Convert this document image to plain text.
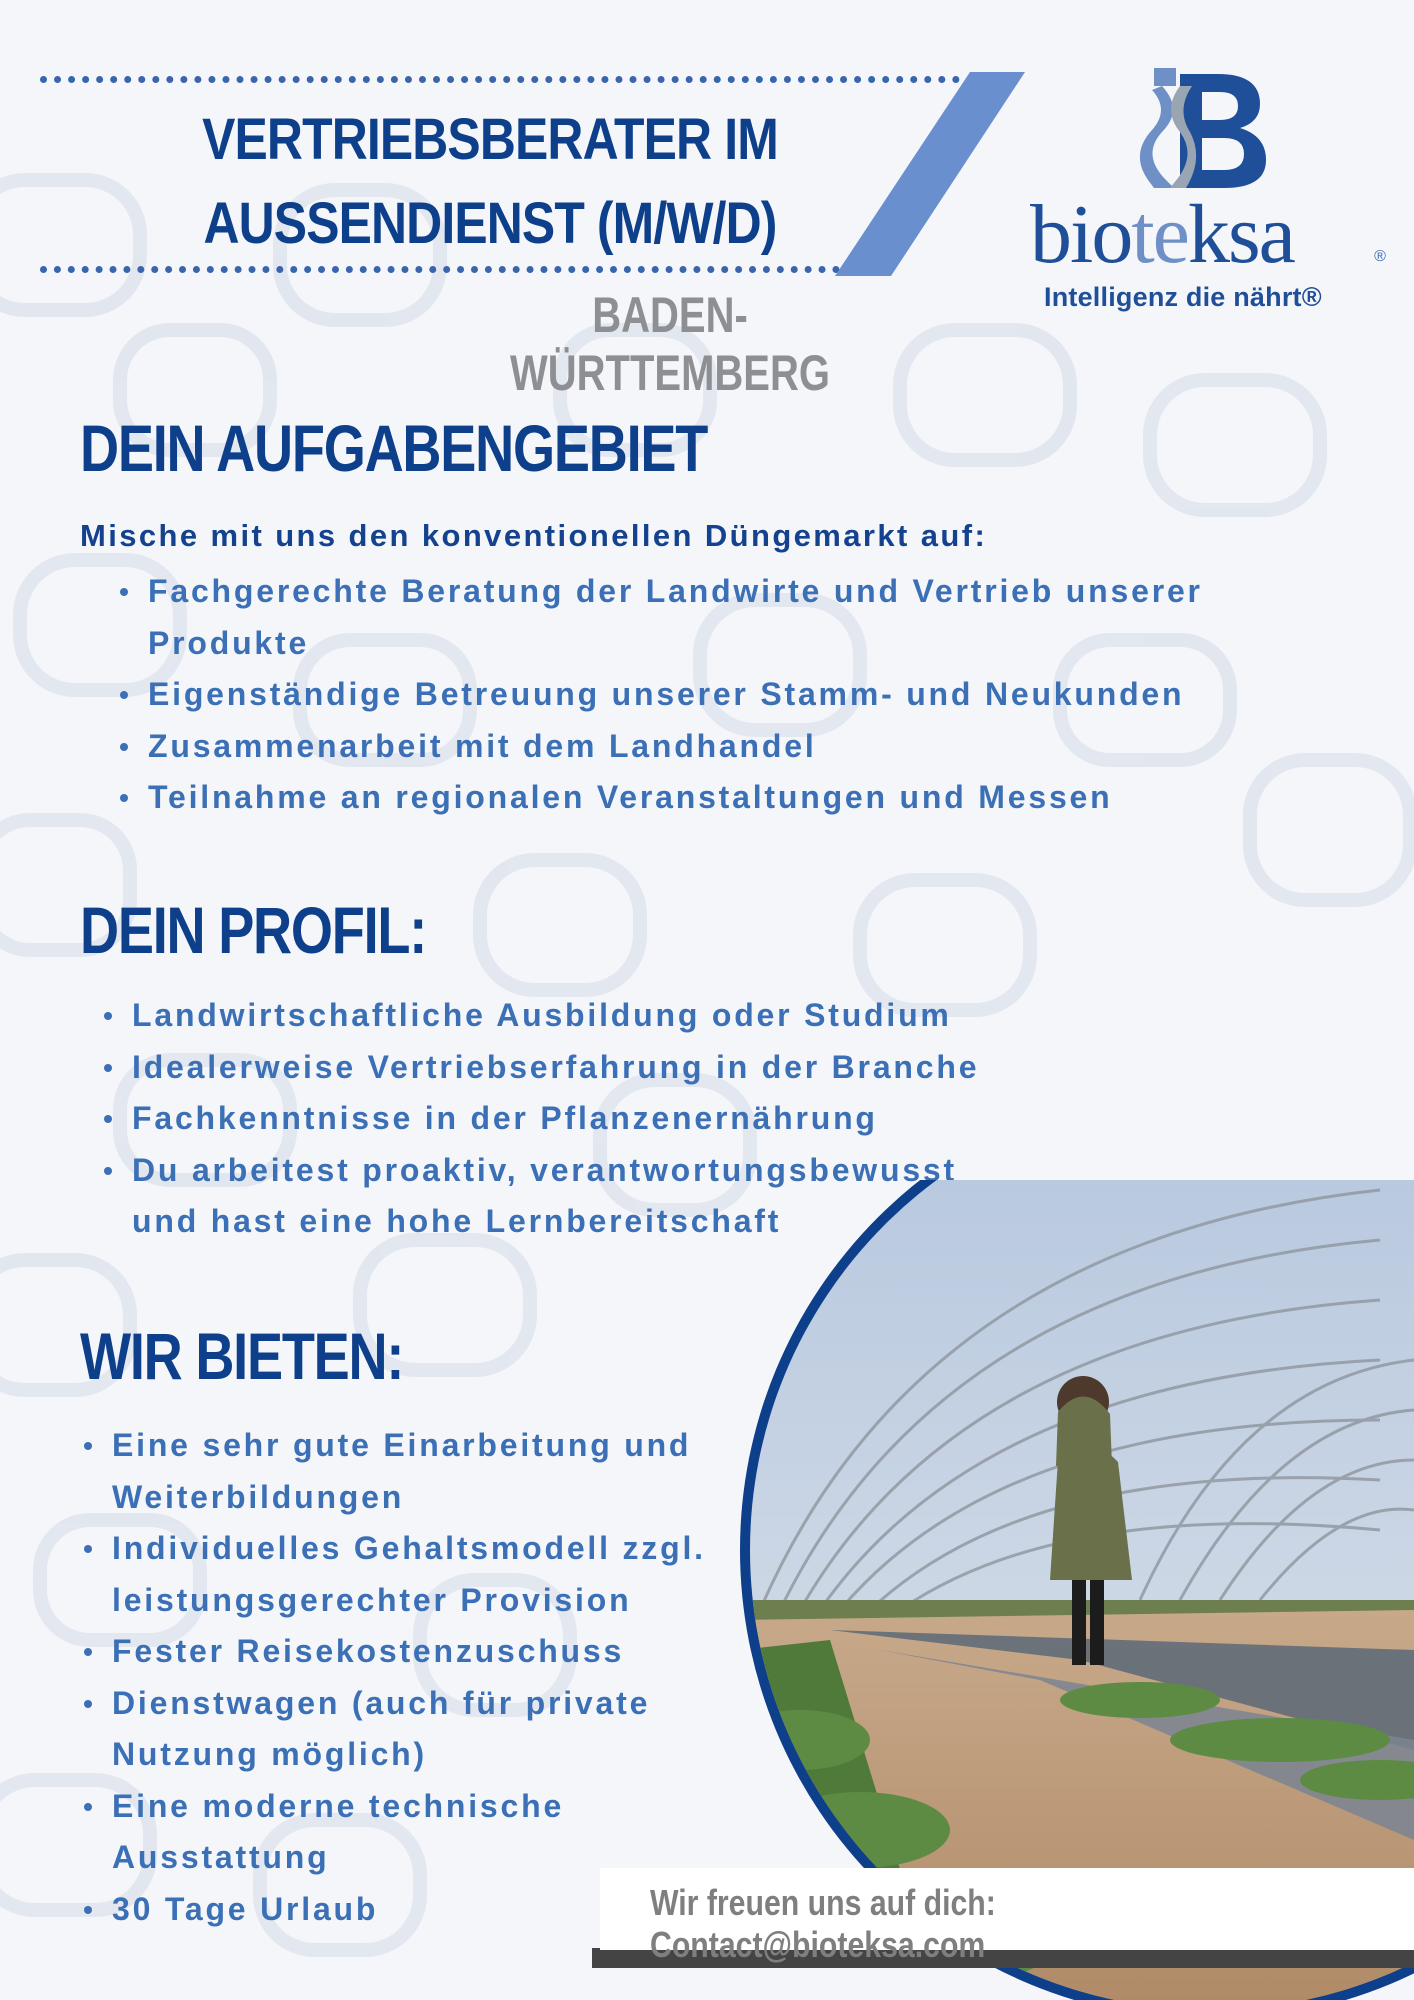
VERTRIEBSBERATER IM
AUSSENDIENST (M/W/D)
BADEN-WÜRTTEMBERG
bioteksa	®
Intelligenz die nährt®
DEIN AUFGABENGEBIET
Mische mit uns den konventionellen Düngemarkt auf:
Fachgerechte Beratung der Landwirte und Vertrieb unserer
Produkte
Eigenständige Betreuung unserer Stamm- und Neukunden
Zusammenarbeit mit dem Landhandel
Teilnahme an regionalen Veranstaltungen und Messen
DEIN PROFIL:
Landwirtschaftliche Ausbildung oder Studium
Idealerweise Vertriebserfahrung in der Branche
Fachkenntnisse in der Pflanzenernährung
Du arbeitest proaktiv, verantwortungsbewusst
und hast eine hohe Lernbereitschaft
WIR BIETEN:
Eine sehr gute Einarbeitung und
Weiterbildungen
Individuelles Gehaltsmodell zzgl.
leistungsgerechter Provision
Fester Reisekostenzuschuss
Dienstwagen (auch für private
Nutzung möglich)
Eine moderne technische
Ausstattung
30 Tage Urlaub	Wir freuen uns auf dich: Contact@bioteksa.com
